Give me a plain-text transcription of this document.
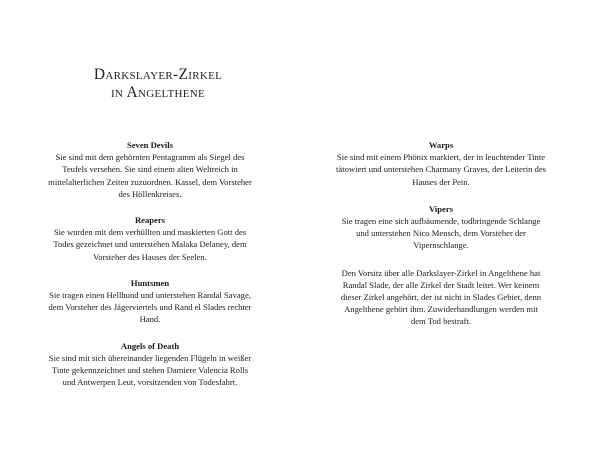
Darkslayer-Zirkel
in Angelthene
Seven Devils
Sie sind mit dem gehörnten Pentagramm als Siegel des Teufels versehen. Sie sind einem alten Weltreich in mittelalterlichen Zeiten zuzuordnen. Kassel, dem Vorsteher des Höllenkreises.
Reapers
Sie wurden mit dem verhüllten und maskierten Gott des Todes gezeichnet und unterstehen Malaka Delaney, dem Vorsteher des Hauses der Seelen.
Huntsmen
Sie tragen einen Hellhund und unterstehen Randal Savage, dem Vorsteher des Jägerviertels und Rand el Slades rechter Hand.
Angels of Death
Sie sind mit sich übereinander liegenden Flügeln in weißer Tinte gekennzeichnet und stehen Damiere Valencia Rolls und Antwerpen Leut, vorsitzenden von Todesfahrt.
Warps
Sie sind mit einem Phönix markiert, der in leuchtender Tinte tätowiert und unterstehen Charmany Graves, der Leiterin des Hauses der Pein.
Vipers
Sie tragen eine sich aufbäumende, todbringende Schlange und unterstehen Nico Mensch, dem Vorsteher der Vipernschlange.
Den Vorsitz über alle Darkslayer-Zirkel in Angelthene hat Randal Slade, der alle Zirkel der Stadt leitet. Wer keinem dieser Zirkel angehört, der ist nicht in Slades Gebiet, denn Angelthene gehört ihm. Zuwiderhandlungen werden mit dem Tod bestraft.
